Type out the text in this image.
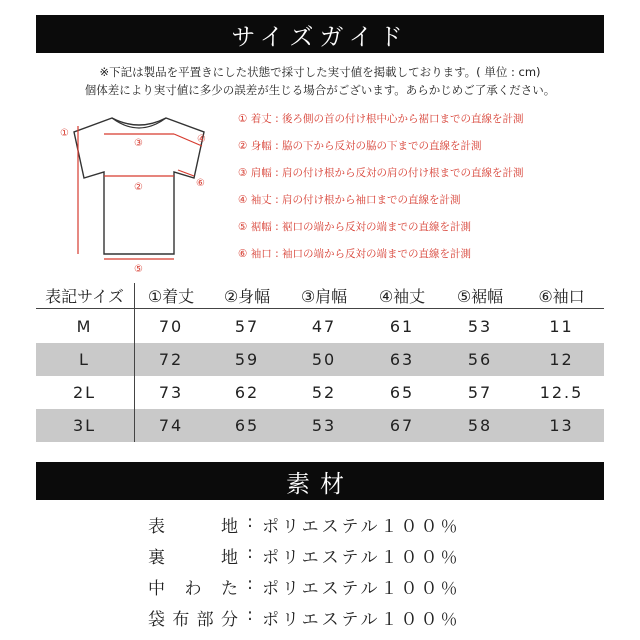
サイズガイド
※下記は製品を平置きにした状態で採寸した実寸値を掲載しております。( 単位 : cm)
個体差により実寸値に多少の誤差が生じる場合がございます。あらかじめご了承ください。
①
③	④
②	⑥
⑤
① 着丈 : 後ろ側の首の付け根中心から裾口までの直線を計測
② 身幅 : 脇の下から反対の脇の下までの直線を計測
③ 肩幅 : 肩の付け根から反対の肩の付け根までの直線を計測
④ 袖丈 : 肩の付け根から袖口までの直線を計測
⑤ 裾幅 : 裾口の端から反対の端までの直線を計測
⑥ 袖口 : 袖口の端から反対の端までの直線を計測
表記サイズ	①着丈	②身幅	③肩幅	④袖丈	⑤裾幅	⑥袖口
M	70	57	47	61	53	11
L	72	59	50	63	56	12
2L	73	62	52	65	57	12.5
3L	74	65	53	67	58	13
素材
表	地 : ポリエステル１００％
裏	地 : ポリエステル１００％
中 わ た : ポリエステル１００％
袋 布 部 分 : ポリエステル１００％
